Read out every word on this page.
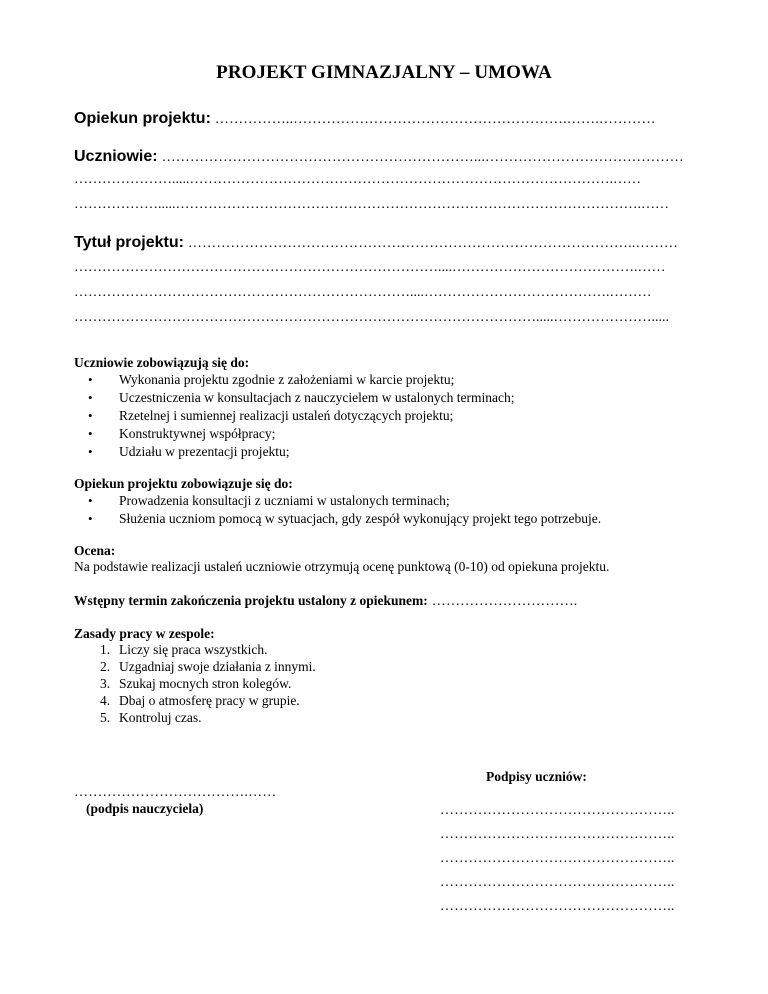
PROJEKT GIMNAZJALNY – UMOWA
Opiekun projektu: ……………..………………………………………………….…….…………
Uczniowie: …………………………………………………………...……………………………………
………………….....……………………………………………………………………………….……
……………….....……………………………………………………………………………………….……
Tytuł projektu: …………………………………………………………………………………..………
……………………………………………………………………....………………………………….……
………………………………………………………………....………………………………….………
……………………………………………………………………………………….....………………….....
Uczniowie zobowiązują się do:
• Wykonania projektu zgodnie z założeniami w karcie projektu;
• Uczestniczenia w konsultacjach z nauczycielem w ustalonych terminach;
• Rzetelnej i sumiennej realizacji ustaleń dotyczących projektu;
• Konstruktywnej współpracy;
• Udziału w prezentacji projektu;
Opiekun projektu zobowiązuje się do:
• Prowadzenia konsultacji z uczniami w ustalonych terminach;
• Służenia uczniom pomocą w sytuacjach, gdy zespół wykonujący projekt tego potrzebuje.
Ocena:
Na podstawie realizacji ustaleń uczniowie otrzymują ocenę punktową (0-10) od opiekuna projektu.
Wstępny termin zakończenia projektu ustalony z opiekunem: ………………………….
Zasady pracy w zespole:
1. Liczy się praca wszystkich.
2. Uzgadniaj swoje działania z innymi.
3. Szukaj mocnych stron kolegów.
4. Dbaj o atmosferę pracy w grupie.
5. Kontroluj czas.
Podpisy uczniów:
…………………………………………..
…………………………………………..
…………………………………………..
…………………………………………..
…………………………………………..
……………………………….……
(podpis nauczyciela)
